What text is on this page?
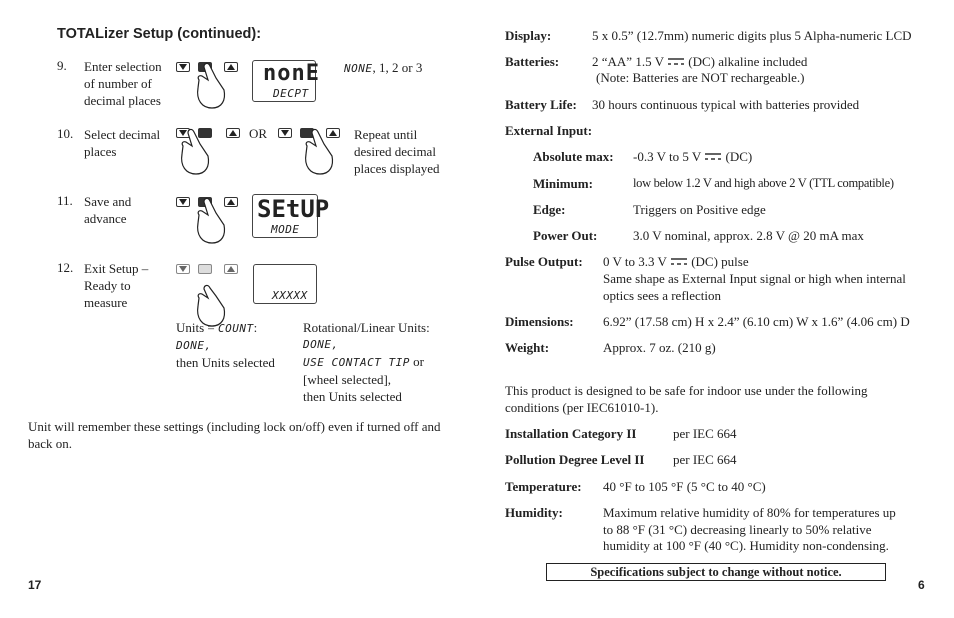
TOTALizer Setup (continued):
9. Enter selection of number of decimal places
nonE
DECPT
NONE, 1, 2 or 3
10. Select decimal places
OR	Repeat until desired decimal places displayed
11. Save and advance	SEtUP
MODE
12. Exit Setup – Ready to measure	XXXXX
Units = COUNT:
DONE,
then Units selected
Rotational/Linear Units:
DONE,
USE CONTACT TIP or
[wheel selected],
then Units selected
Unit will remember these settings (including lock on/off) even if turned off and back on.
17
Display:	5 x 0.5” (12.7mm) numeric digits plus 5 Alpha-numeric LCD
Batteries:	2 “AA” 1.5 V (DC) alkaline included
(Note: Batteries are NOT rechargeable.)
Battery Life: 30 hours continuous typical with batteries provided
External Input:
Absolute max: -0.3 V to 5 V (DC)
Minimum:	low below 1.2 V and high above 2 V (TTL compatible)
Edge:	Triggers on Positive edge
Power Out:	3.0 V nominal, approx. 2.8 V @ 20 mA max
Pulse Output: 0 V to 3.3 V (DC) pulse
Same shape as External Input signal or high when internal
optics sees a reflection
Dimensions: 6.92” (17.58 cm) H x 2.4” (6.10 cm) W x 1.6” (4.06 cm) D
Weight:	Approx. 7 oz. (210 g)
This product is designed to be safe for indoor use under the following
conditions (per IEC61010-1).
Installation Category II	per IEC 664
Pollution Degree Level II per IEC 664
Temperature: 40 °F to 105 °F (5 °C to 40 °C)
Humidity:	Maximum relative humidity of 80% for temperatures up
to 88 °F (31 °C) decreasing linearly to 50% relative
humidity at 100 °F (40 °C). Humidity non-condensing.
Specifications subject to change without notice.
6
